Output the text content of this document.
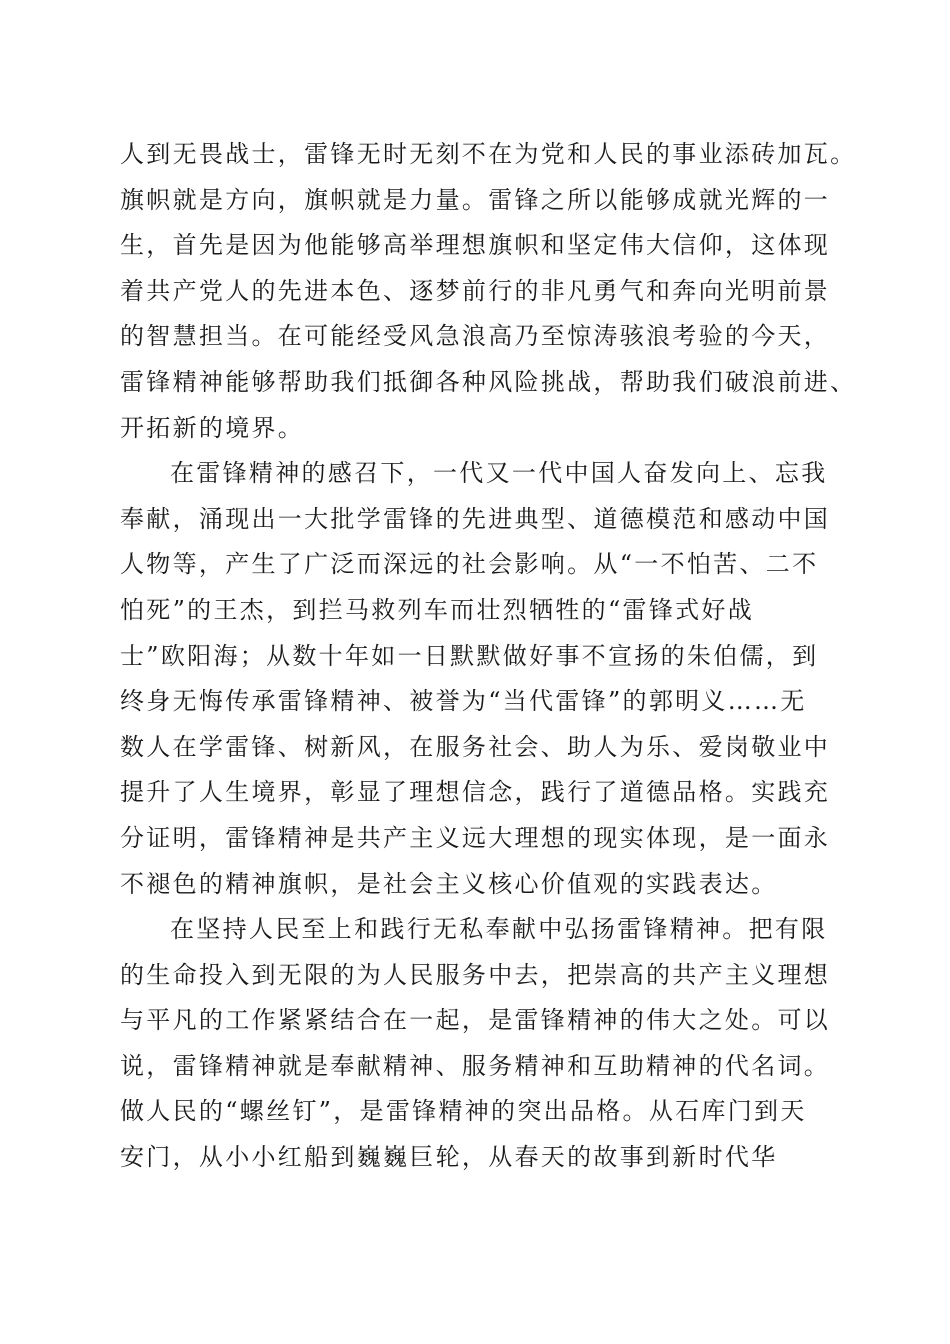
人到无畏战士，雷锋无时无刻不在为党和人民的事业添砖加瓦。
旗帜就是方向，旗帜就是力量。雷锋之所以能够成就光辉的一
生，首先是因为他能够高举理想旗帜和坚定伟大信仰，这体现
着共产党人的先进本色、逐梦前行的非凡勇气和奔向光明前景
的智慧担当。在可能经受风急浪高乃至惊涛骇浪考验的今天，
雷锋精神能够帮助我们抵御各种风险挑战，帮助我们破浪前进、
开拓新的境界。
在雷锋精神的感召下，一代又一代中国人奋发向上、忘我
奉献，涌现出一大批学雷锋的先进典型、道德模范和感动中国
人物等，产生了广泛而深远的社会影响。从“一不怕苦、二不
怕死”的王杰，到拦马救列车而壮烈牺牲的“雷锋式好战
士”欧阳海；从数十年如一日默默做好事不宣扬的朱伯儒，到
终身无悔传承雷锋精神、被誉为“当代雷锋”的郭明义……无
数人在学雷锋、树新风，在服务社会、助人为乐、爱岗敬业中
提升了人生境界，彰显了理想信念，践行了道德品格。实践充
分证明，雷锋精神是共产主义远大理想的现实体现，是一面永
不褪色的精神旗帜，是社会主义核心价值观的实践表达。
在坚持人民至上和践行无私奉献中弘扬雷锋精神。把有限
的生命投入到无限的为人民服务中去，把崇高的共产主义理想
与平凡的工作紧紧结合在一起，是雷锋精神的伟大之处。可以
说，雷锋精神就是奉献精神、服务精神和互助精神的代名词。
做人民的“螺丝钉”，是雷锋精神的突出品格。从石库门到天
安门，从小小红船到巍巍巨轮，从春天的故事到新时代华
